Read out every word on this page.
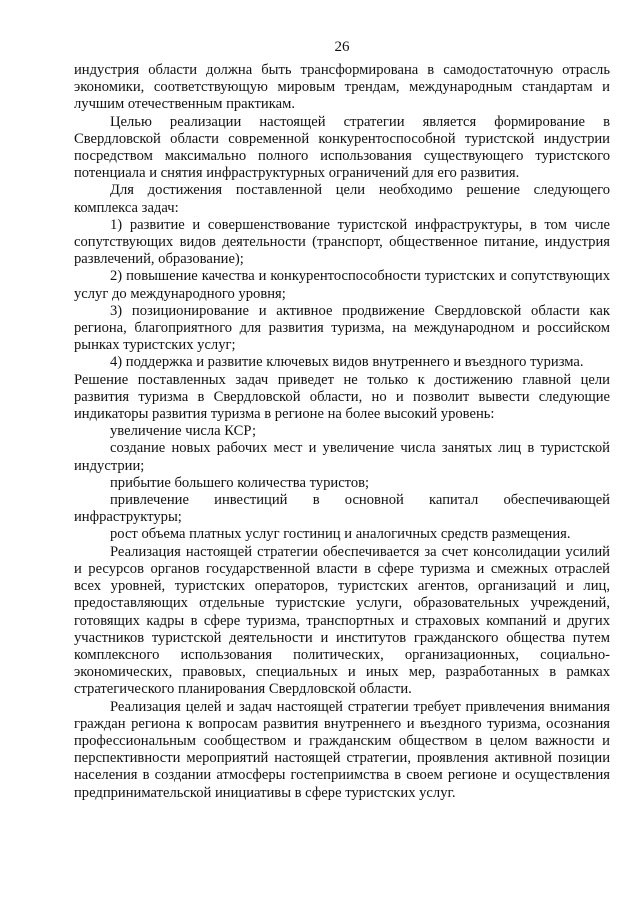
26

индустрия области должна быть трансформирована в самодостаточную отрасль экономики, соответствующую мировым трендам, международным стандартам и лучшим отечественным практикам.

Целью реализации настоящей стратегии является формирование в Свердловской области современной конкурентоспособной туристской индустрии посредством максимально полного использования существующего туристского потенциала и снятия инфраструктурных ограничений для его развития.

Для достижения поставленной цели необходимо решение следующего комплекса задач:

1) развитие и совершенствование туристской инфраструктуры, в том числе сопутствующих видов деятельности (транспорт, общественное питание, индустрия развлечений, образование);

2) повышение качества и конкурентоспособности туристских и сопутствующих услуг до международного уровня;

3) позиционирование и активное продвижение Свердловской области как региона, благоприятного для развития туризма, на международном и российском рынках туристских услуг;

4) поддержка и развитие ключевых видов внутреннего и въездного туризма.

Решение поставленных задач приведет не только к достижению главной цели развития туризма в Свердловской области, но и позволит вывести следующие индикаторы развития туризма в регионе на более высокий уровень:

увеличение числа КСР;

создание новых рабочих мест и увеличение числа занятых лиц в туристской индустрии;

прибытие большего количества туристов;

привлечение инвестиций в основной капитал обеспечивающей инфраструктуры;

рост объема платных услуг гостиниц и аналогичных средств размещения.

Реализация настоящей стратегии обеспечивается за счет консолидации усилий и ресурсов органов государственной власти в сфере туризма и смежных отраслей всех уровней, туристских операторов, туристских агентов, организаций и лиц, предоставляющих отдельные туристские услуги, образовательных учреждений, готовящих кадры в сфере туризма, транспортных и страховых компаний и других участников туристской деятельности и институтов гражданского общества путем комплексного использования политических, организационных, социально-экономических, правовых, специальных и иных мер, разработанных в рамках стратегического планирования Свердловской области.

Реализация целей и задач настоящей стратегии требует привлечения внимания граждан региона к вопросам развития внутреннего и въездного туризма, осознания профессиональным сообществом и гражданским обществом в целом важности и перспективности мероприятий настоящей стратегии, проявления активной позиции населения в создании атмосферы гостеприимства в своем регионе и осуществления предпринимательской инициативы в сфере туристских услуг.
